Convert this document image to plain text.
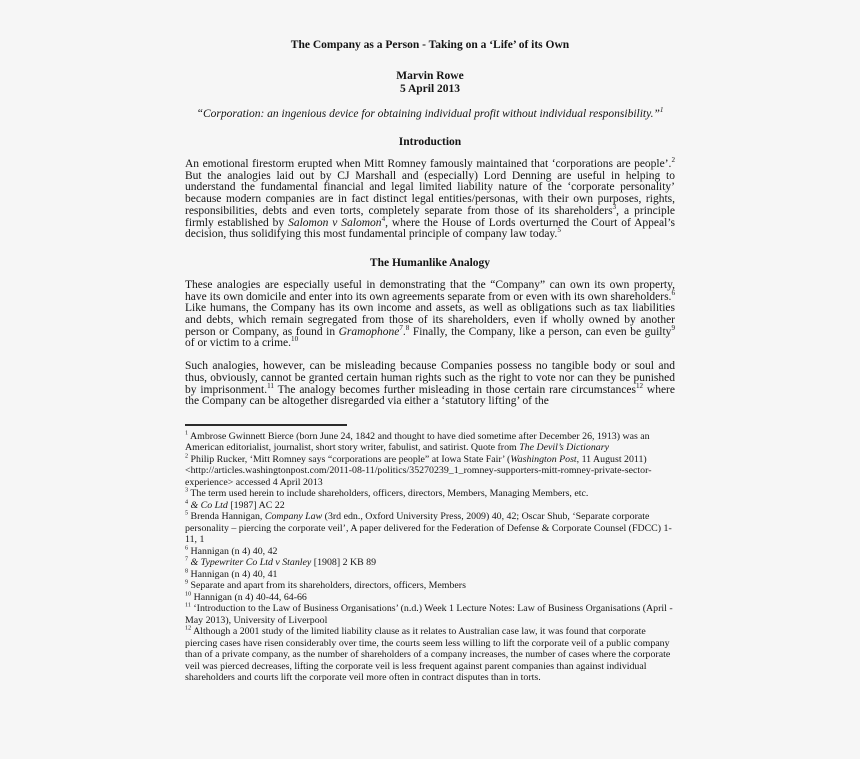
The Company as a Person - Taking on a ‘Life’ of its Own
Marvin Rowe
5 April 2013
“Corporation: an ingenious device for obtaining individual profit without individual responsibility.”$^1$
Introduction

An emotional firestorm erupted when Mitt Romney famously maintained that ‘corporations are people’.$^2$ But the analogies laid out by CJ Marshall and (especially) Lord Denning are useful in helping to understand the fundamental financial and legal limited liability nature of the ‘corporate personality’ because modern companies are in fact distinct legal entities/personas, with their own purposes, rights, responsibilities, debts and even torts, completely separate from those of its shareholders$^3$, a principle firmly established by Salomon v Salomon$^4$, where the House of Lords overturned the Court of Appeal’s decision, thus solidifying this most fundamental principle of company law today.$^5$

The Humanlike Analogy

These analogies are especially useful in demonstrating that the “Company” can own its own property, have its own domicile and enter into its own agreements separate from or even with its own shareholders.$^6$ Like humans, the Company has its own income and assets, as well as obligations such as tax liabilities and debts, which remain segregated from those of its shareholders, even if wholly owned by another person or Company, as found in Gramophone$^7$.$^8$ Finally, the Company, like a person, can even be guilty$^9$ of or victim to a crime.$^{10}$

Such analogies, however, can be misleading because Companies possess no tangible body or soul and thus, obviously, cannot be granted certain human rights such as the right to vote nor can they be punished by imprisonment.$^{11}$ The analogy becomes further misleading in those certain rare circumstances$^{12}$ where the Company can be altogether disregarded via either a ‘statutory lifting’ of the

$^1$ Ambrose Gwinnett Bierce (born June 24, 1842 and thought to have died sometime after December 26, 1913) was an American editorialist, journalist, short story writer, fabulist, and satirist. Quote from The Devil’s Dictionary
$^2$ Philip Rucker, ‘Mitt Romney says “corporations are people” at Iowa State Fair’ (Washington Post, 11 August 2011) <http://articles.washingtonpost.com/2011-08-11/politics/35270239_1_romney-supporters-mitt-romney-private-sector-experience> accessed 4 April 2013
$^3$ The term used herein to include shareholders, officers, directors, Members, Managing Members, etc.
$^4$ & Co Ltd [1987] AC 22
$^5$ Brenda Hannigan, Company Law (3rd edn., Oxford University Press, 2009) 40, 42; Oscar Shub, ‘Separate corporate personality – piercing the corporate veil’, A paper delivered for the Federation of Defense & Corporate Counsel (FDCC) 1-11, 1
$^6$ Hannigan (n 4) 40, 42
$^7$ & Typewriter Co Ltd v Stanley [1908] 2 KB 89
$^8$ Hannigan (n 4) 40, 41
$^9$ Separate and apart from its shareholders, directors, officers, Members
$^{10}$ Hannigan (n 4) 40-44, 64-66
$^{11}$ ‘Introduction to the Law of Business Organisations’ (n.d.) Week 1 Lecture Notes: Law of Business Organisations (April - May 2013), University of Liverpool
$^{12}$ Although a 2001 study of the limited liability clause as it relates to Australian case law, it was found that corporate piercing cases have risen considerably over time, the courts seem less willing to lift the corporate veil of a public company than of a private company, as the number of shareholders of a company increases, the number of cases where the corporate veil was pierced decreases, lifting the corporate veil is less frequent against parent companies than against individual shareholders and courts lift the corporate veil more often in contract disputes than in torts.
